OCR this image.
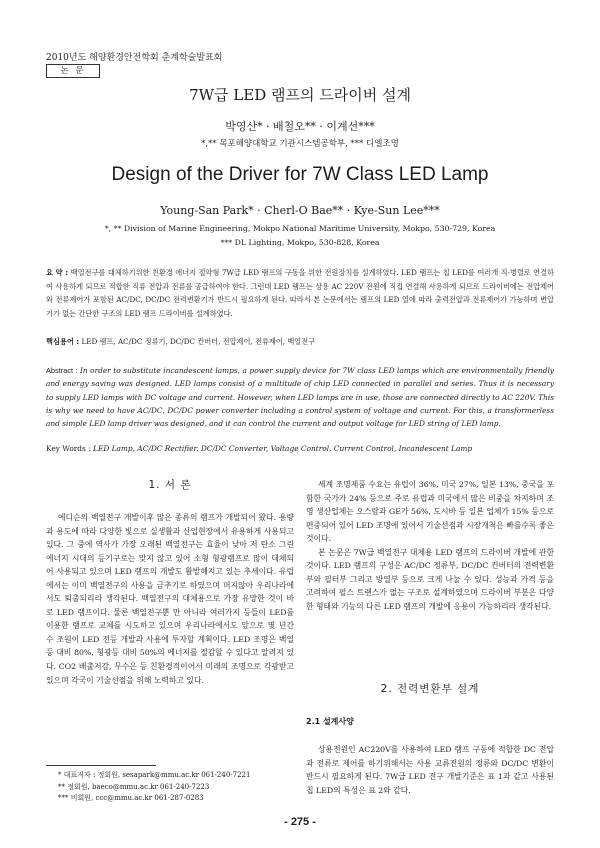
2010년도 해양환경안전학회 춘계학술발표회
논 문
7W급 LED 램프의 드라이버 설계
박영산* · 배철오** · 이계선***
*,** 목포해양대학교 기관시스템공학부, *** 디엘조명
Design of the Driver for 7W Class LED Lamp
Young-San Park* · Cherl-O Bae** · Kye-Sun Lee***
*, ** Division of Marine Engineering, Mokpo National Maritime University, Mokpo, 530-729, Korea
*** DL Lighting, Mokpo, 530-828, Korea
요 약 : 백열전구를 대체하기위한 친환경 에너지 절약형 7W급 LED 램프의 구동을 위한 전원장치를 설계하였다. LED 램프는 칩 LED를 여러개 직·병렬로 연결하여 사용하게 되므로 적합한 직류 전압과 전류를 공급하여야 한다. 그런데 LED 램프는 상용 AC 220V 전원에 직접 연결해 사용하게 되므로 드라이버에는 전압제어와 전류제어가 포함된 AC/DC, DC/DC 전력변환기가 반드시 필요하게 된다. 따라서 본 논문에서는 램프의 LED 열에 따라 출력전압과 전류제어가 가능하며 변압기가 없는 간단한 구조의 LED 램프 드라이버를 설계하였다.
핵심용어 : LED 램프, AC/DC 정류기, DC/DC 컨버터, 전압제어, 전류제어, 백열전구
Abstract : In order to substitute incandescent lamps, a power supply device for 7W class LED lamps which are environmentally friendly and energy saving was designed. LED lamps consist of a multitude of chip LED connected in parallel and series. Thus it is necessary to supply LED lamps with DC voltage and current. However, when LED lamps are in use, those are connected directly to AC 220V. This is why we need to have AC/DC, DC/DC power converter including a control system of voltage and current. For this, a transformerless and simple LED lamp driver was designed, and it can control the current and output voltage for LED string of LED lamp.
Key Words : LED Lamp, AC/DC Rectifier, DC/DC Converter, Voltage Control, Current Control, Incandescent Lamp
1. 서 론

에디슨의 백열전구 개발이후 많은 종류의 램프가 개발되어 왔다. 용량과 용도에 따라 다양한 빛으로 실생활과 산업현장에서 유용하게 사용되고 있다. 그 중에 역사가 가장 오래된 백열전구는 효율이 낮아 저 탄소 그린에너지 시대의 등기구로는 맞지 않고 있어 소형 형광램프로 많이 대체되어 사용되고 있으며 LED 램프의 개발도 활발해지고 있는 추세이다. 유럽에서는 이미 백열전구의 사용을 금추기로 하였으며 머지않아 우리나라에서도 퇴출되리라 생각된다. 백열전구의 대체용으로 가장 유망한 것이 바로 LED 램프이다. 물론 백열전구뿐 만 아니라 여러가지 등들이 LED를 이용한 램프로 교체를 시도하고 있으며 우리나라에서도 앞으로 몇 년간 수 조원이 LED 전등 개발과 사용에 투자할 계획이다. LED 조명은 백열등 대비 80%, 형광등 대비 50%의 에너지를 절감할 수 있다고 알려져 있다. CO2 배출저감, 무수은 등 친환경적이어서 미래의 조명으로 각광받고 있으며 각국이 기술선점을 위해 노력하고 있다.

* 대표저자 : 정회원, sesapark@mmu.ac.kr 061-240-7221
** 정회원, baeco@mmu.ac.kr 061-240-7223
*** 비회원, ccc@mmu.ac.kr 061-287-0283

세계 조명제품 수요는 유럽이 36%, 미국 27%, 일본 13%, 중국을 포함한 국가가 24% 등으로 주로 유럽과 미국에서 많은 비중을 차지하며 조명 생산업체는 오스람과 GE가 56%, 도시바 등 일본 업체가 15% 등으로 편중되어 있어 LED 조명에 있어서 기술선점과 시장개척은 빠를수록 좋은 것이다.

본 논문은 7W급 백열전구 대체용 LED 램프의 드라이버 개발에 관한 것이다. LED 램프의 구성은 AC/DC 정류부, DC/DC 컨버터의 전력변환부와 필터부 그리고 방열부 등으로 크게 나눌 수 있다. 성능과 가격 등을 고려하여 펄스 트랜스가 없는 구조로 설계하였으며 드라이버 부분은 다양한 형태와 기능의 다른 LED 램프의 개발에 응용이 가능하리라 생각된다.

2. 전력변환부 설계
2.1 설계사양

상용전원인 AC220V를 사용하여 LED 램프 구동에 적합한 DC 전압과 전류로 제어를 하기위해서는 사용 교류전원의 정류와 DC/DC 변환이 반드시 필요하게 된다. 7W급 LED 전구 개발기준은 표 1과 같고 사용된 칩 LED의 특성은 표 2와 같다.

- 275 -
